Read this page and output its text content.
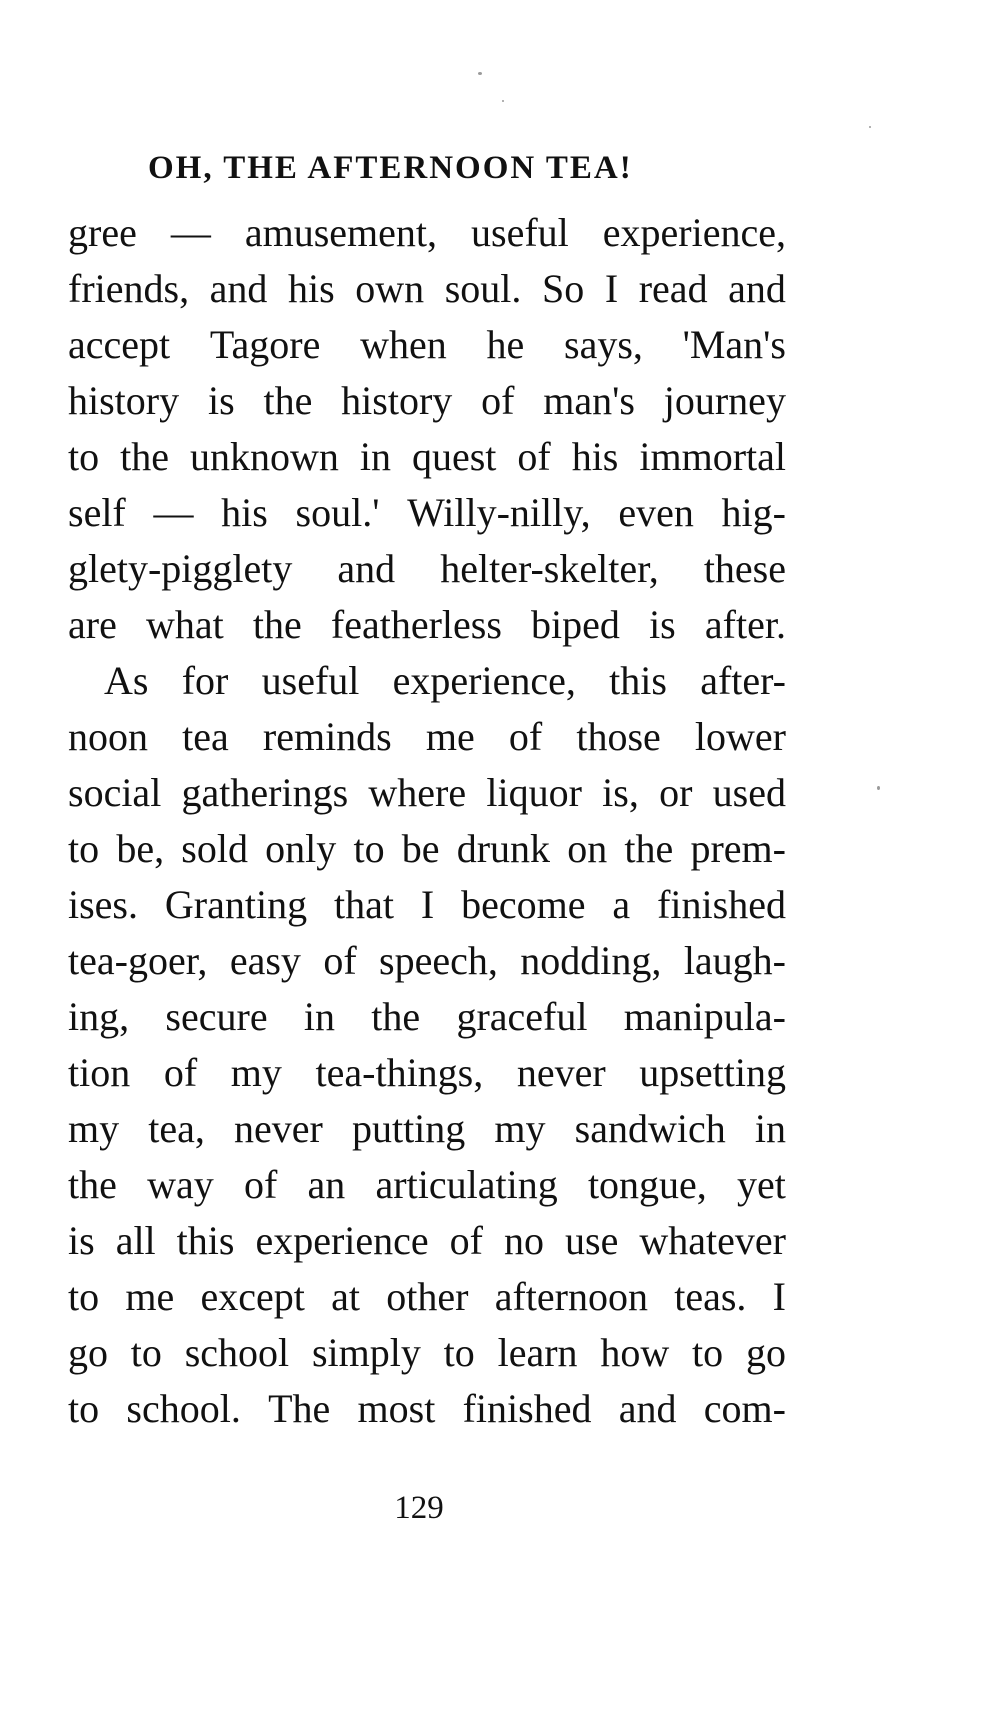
OH, THE AFTERNOON TEA!
gree — amusement, useful experience,
friends, and his own soul. So I read and
accept Tagore when he says, 'Man's
history is the history of man's journey
to the unknown in quest of his immortal
self — his soul.' Willy-nilly, even hig-
glety-pigglety and helter-skelter, these
are what the featherless biped is after.
As for useful experience, this after-
noon tea reminds me of those lower
social gatherings where liquor is, or used
to be, sold only to be drunk on the prem-
ises. Granting that I become a finished
tea-goer, easy of speech, nodding, laugh-
ing, secure in the graceful manipula-
tion of my tea-things, never upsetting
my tea, never putting my sandwich in
the way of an articulating tongue, yet
is all this experience of no use whatever
to me except at other afternoon teas. I
go to school simply to learn how to go
to school. The most finished and com-
129
